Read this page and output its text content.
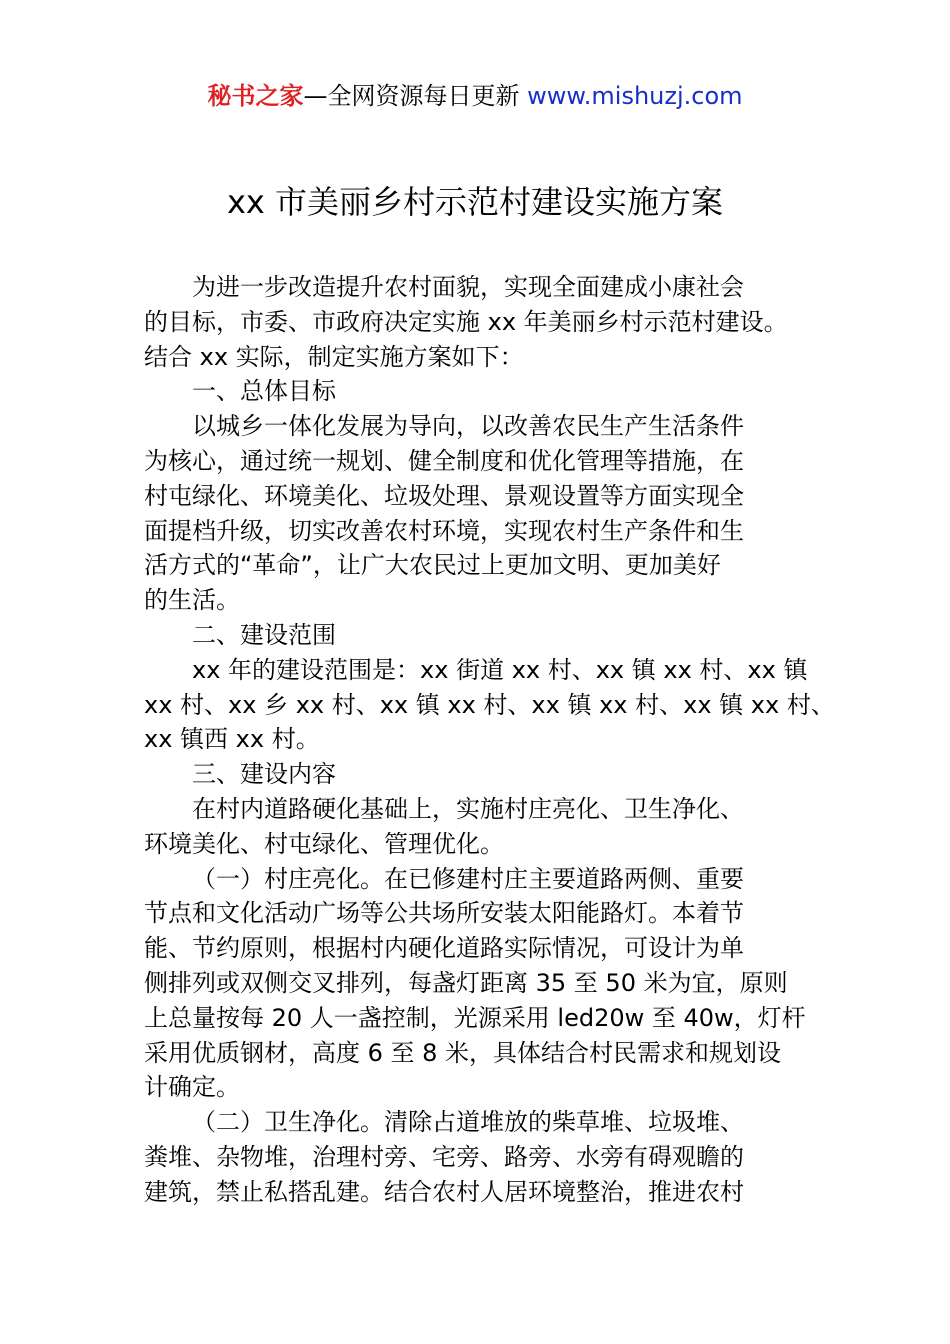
秘书之家—全网资源每日更新 www.mishuzj.com
xx 市美丽乡村示范村建设实施方案
为进一步改造提升农村面貌，实现全面建成小康社会
的目标，市委、市政府决定实施 xx 年美丽乡村示范村建设。
结合 xx 实际，制定实施方案如下：
一、总体目标
以城乡一体化发展为导向，以改善农民生产生活条件
为核心，通过统一规划、健全制度和优化管理等措施，在
村屯绿化、环境美化、垃圾处理、景观设置等方面实现全
面提档升级，切实改善农村环境，实现农村生产条件和生
活方式的“革命”，让广大农民过上更加文明、更加美好
的生活。
二、建设范围
xx 年的建设范围是：xx 街道 xx 村、xx 镇 xx 村、xx 镇
xx 村、xx 乡 xx 村、xx 镇 xx 村、xx 镇 xx 村、xx 镇 xx 村、
xx 镇西 xx 村。
三、建设内容
在村内道路硬化基础上，实施村庄亮化、卫生净化、
环境美化、村屯绿化、管理优化。
（一）村庄亮化。在已修建村庄主要道路两侧、重要
节点和文化活动广场等公共场所安装太阳能路灯。本着节
能、节约原则，根据村内硬化道路实际情况，可设计为单
侧排列或双侧交叉排列，每盏灯距离 35 至 50 米为宜，原则
上总量按每 20 人一盏控制，光源采用 led20w 至 40w，灯杆
采用优质钢材，高度 6 至 8 米，具体结合村民需求和规划设
计确定。
（二）卫生净化。清除占道堆放的柴草堆、垃圾堆、
粪堆、杂物堆，治理村旁、宅旁、路旁、水旁有碍观瞻的
建筑，禁止私搭乱建。结合农村人居环境整治，推进农村
